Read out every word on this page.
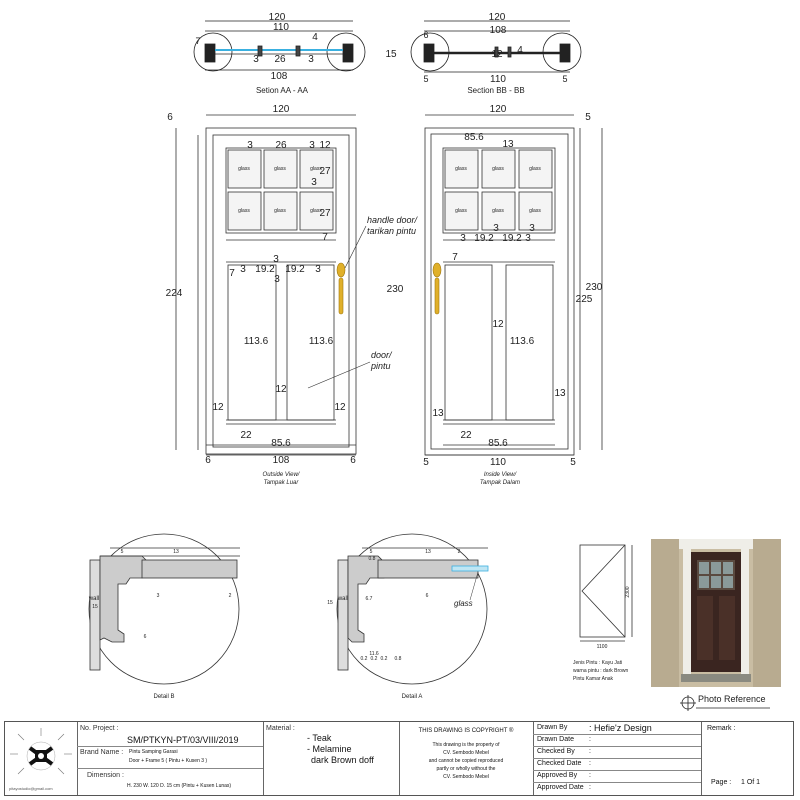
120
110
4
3 26 3
108
7
Setion AA - AA
120
6	108
12 4
15
110
5	5
Section BB - BB
glass	glass	glass
glass	glass	glass
6
120
3 26 3 12
27
3
27
7
3 19.2
3
19.2 3
3
7
113.6	113.6
12
12	12
22
85.6
108
6	6
224	230
handle door/
tarikan pintu
door/
pintu
Outside View/
Tampak Luar
glass	glass	glass
glass	glass	glass
120
5
85.6
13
3 19.2
3
19.2
3
3
7
12
113.6
13
13
22
85.6
110
5	5
230
225
Inside View/
Tampak Dalam
5	13
3
6
2
15
wall
Detail B
13	2
5
6.7
0.8
15
6
11.6
0.2 0.2 0.2 0.8
wall	glass
Detail A
1100
2300
Jenis Pintu : Kayu Jati
warna pintu : dark Brown
Pintu Kamar Anak
Photo Reference
pitayostudio@gmail.com
No. Project :
SM/PTKYN-PT/03/VIII/2019
Brand Name : Pintu Samping Garasi
Door + Frame 5 ( Pintu + Kusen 3 )
Dimension :
H. 230 W. 120 D. 15 cm (Pintu + Kusen Lunas)
Material :
- Teak
- Melamine
dark Brown doff
THIS DRAWING IS COPYRIGHT ®
This drawing is the property of
CV. Sembodo Mebel
and cannot be copied reproduced
partly or wholly without the
CV. Sembodo Mebel
Drawn By : Hefie'z Design
Drawn Date :
Checked By :
Checked Date :
Approved By :
Approved Date :
Remark :
Page : 1 Of 1
